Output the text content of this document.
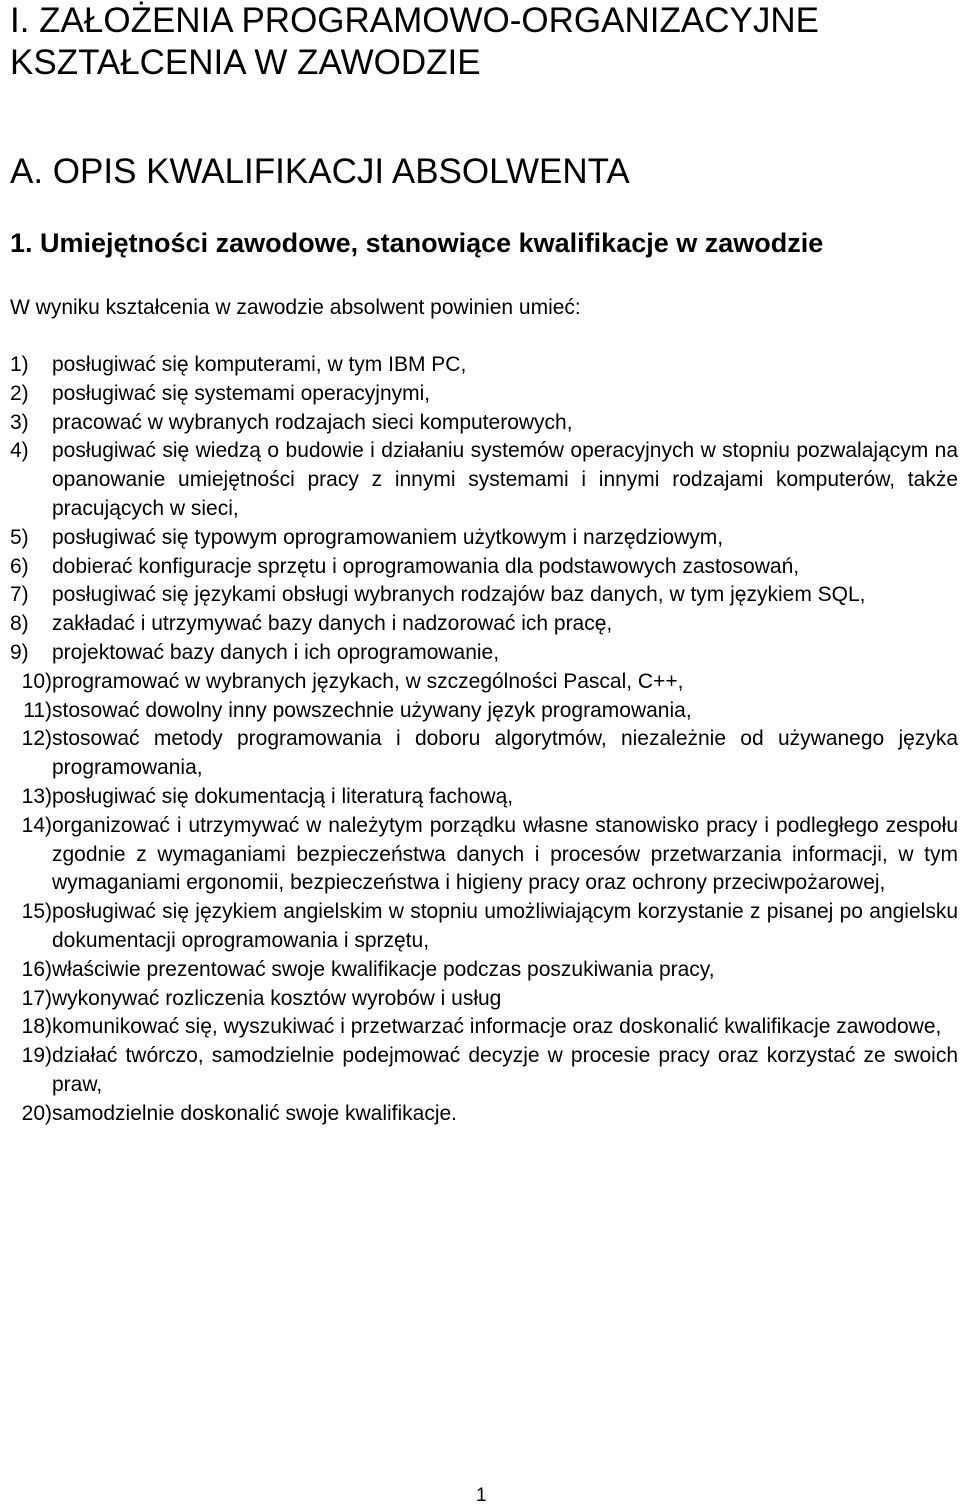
I. ZAŁOŻENIA PROGRAMOWO-ORGANIZACYJNE
KSZTAŁCENIA W ZAWODZIE
A. OPIS KWALIFIKACJI ABSOLWENTA
1. Umiejętności zawodowe, stanowiące kwalifikacje w zawodzie

W wyniku kształcenia w zawodzie absolwent powinien umieć:

1)	posługiwać się komputerami, w tym IBM PC,
2)	posługiwać się systemami operacyjnymi,
3)	pracować w wybranych rodzajach sieci komputerowych,
4)	posługiwać się wiedzą o budowie i działaniu systemów operacyjnych w stopniu pozwalającym na opanowanie umiejętności pracy z innymi systemami i innymi rodzajami komputerów, także pracujących w sieci,
5)	posługiwać się typowym oprogramowaniem użytkowym i narzędziowym,
6)	dobierać konfiguracje sprzętu i oprogramowania dla podstawowych zastosowań,
7)	posługiwać się językami obsługi wybranych rodzajów baz danych, w tym językiem SQL,
8)	zakładać i utrzymywać bazy danych i nadzorować ich pracę,
9)	projektować bazy danych i ich oprogramowanie,
10) programować w wybranych językach, w szczególności Pascal, C++,
11) stosować dowolny inny powszechnie używany język programowania,
12) stosować metody programowania i doboru algorytmów, niezależnie od używanego języka programowania,
13) posługiwać się dokumentacją i literaturą fachową,
14) organizować i utrzymywać w należytym porządku własne stanowisko pracy i podległego zespołu zgodnie z wymaganiami bezpieczeństwa danych i procesów przetwarzania informacji, w tym wymaganiami ergonomii, bezpieczeństwa i higieny pracy oraz ochrony przeciwpożarowej,
15) posługiwać się językiem angielskim w stopniu umożliwiającym korzystanie z pisanej po angielsku dokumentacji oprogramowania i sprzętu,
16) właściwie prezentować swoje kwalifikacje podczas poszukiwania pracy,
17) wykonywać rozliczenia kosztów wyrobów i usług
18) komunikować się, wyszukiwać i przetwarzać informacje oraz doskonalić kwalifikacje zawodowe,
19) działać twórczo, samodzielnie podejmować decyzje w procesie pracy oraz korzystać ze swoich praw,
20) samodzielnie doskonalić swoje kwalifikacje.
1
